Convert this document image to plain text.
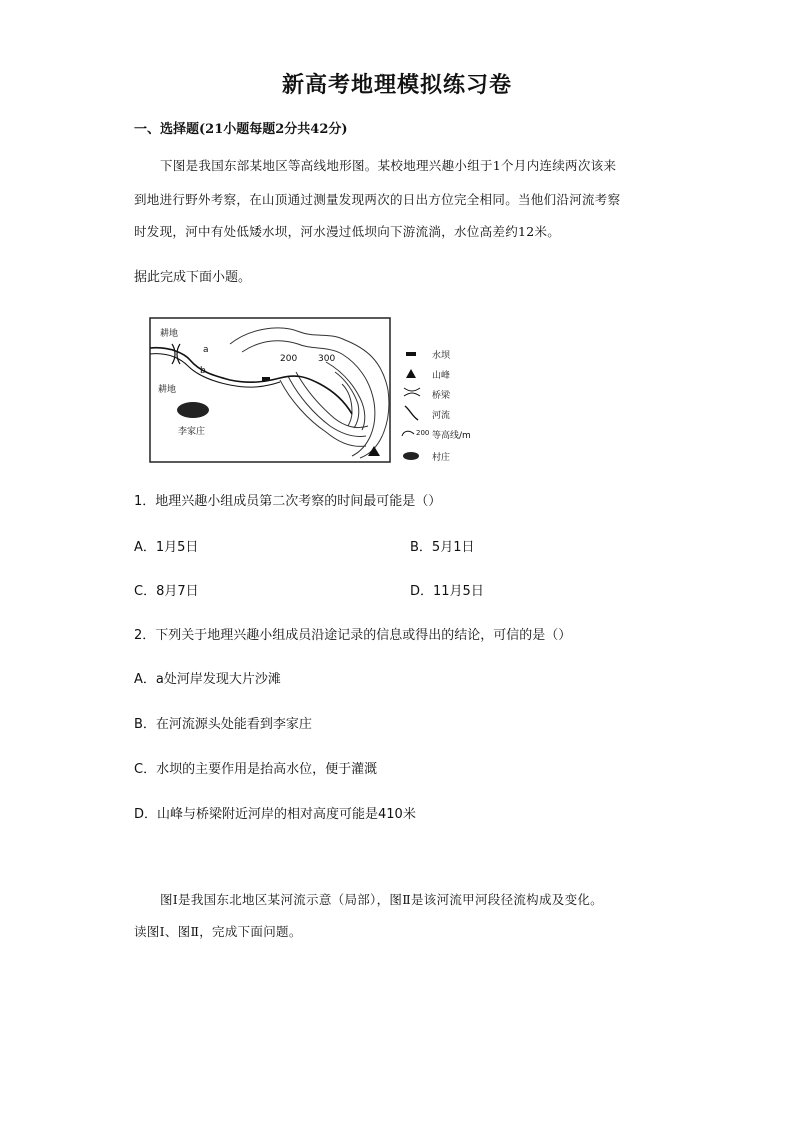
新高考地理模拟练习卷
一、选择题(21小题每题2分共42分)
下图是我国东部某地区等高线地形图。某校地理兴趣小组于1个月内连续两次该来
到地进行野外考察，在山顶通过测量发现两次的日出方位完全相同。当他们沿河流考察
时发现，河中有处低矮水坝，河水漫过低坝向下游流淌，水位高差约12米。
据此完成下面小题。
耕地
耕地
李家庄
a
b
200 300	水坝
山峰
桥梁
河流
200 等高线/m
村庄
1．地理兴趣小组成员第二次考察的时间最可能是（）
A．1月5日	B．5月1日
C．8月7日	D．11月5日
2．下列关于地理兴趣小组成员沿途记录的信息或得出的结论，可信的是（）
A．a处河岸发现大片沙滩
B．在河流源头处能看到李家庄
C．水坝的主要作用是抬高水位，便于灌溉
D．山峰与桥梁附近河岸的相对高度可能是410米
图Ⅰ是我国东北地区某河流示意（局部），图Ⅱ是该河流甲河段径流构成及变化。
读图Ⅰ、图Ⅱ，完成下面问题。
